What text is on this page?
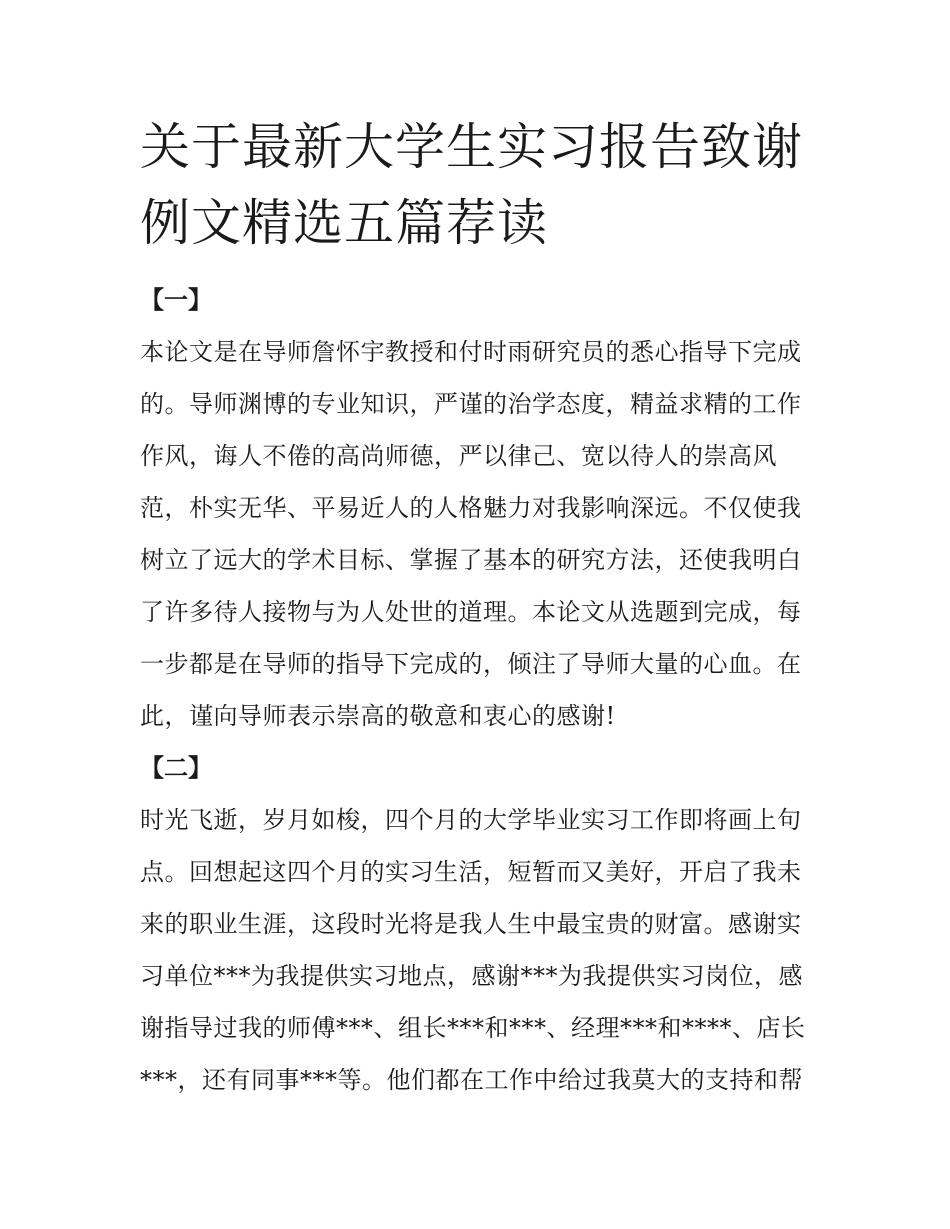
关于最新大学生实习报告致谢
例文精选五篇荐读
【一】
本论文是在导师詹怀宇教授和付时雨研究员的悉心指导下完成
的。导师渊博的专业知识，严谨的治学态度，精益求精的工作
作风，诲人不倦的高尚师德，严以律己、宽以待人的崇高风
范，朴实无华、平易近人的人格魅力对我影响深远。不仅使我
树立了远大的学术目标、掌握了基本的研究方法，还使我明白
了许多待人接物与为人处世的道理。本论文从选题到完成，每
一步都是在导师的指导下完成的，倾注了导师大量的心血。在
此，谨向导师表示崇高的敬意和衷心的感谢!
【二】
时光飞逝，岁月如梭，四个月的大学毕业实习工作即将画上句
点。回想起这四个月的实习生活，短暂而又美好，开启了我未
来的职业生涯，这段时光将是我人生中最宝贵的财富。感谢实
习单位***为我提供实习地点，感谢***为我提供实习岗位，感
谢指导过我的师傅***、组长***和***、经理***和****、店长
***，还有同事***等。他们都在工作中给过我莫大的支持和帮
